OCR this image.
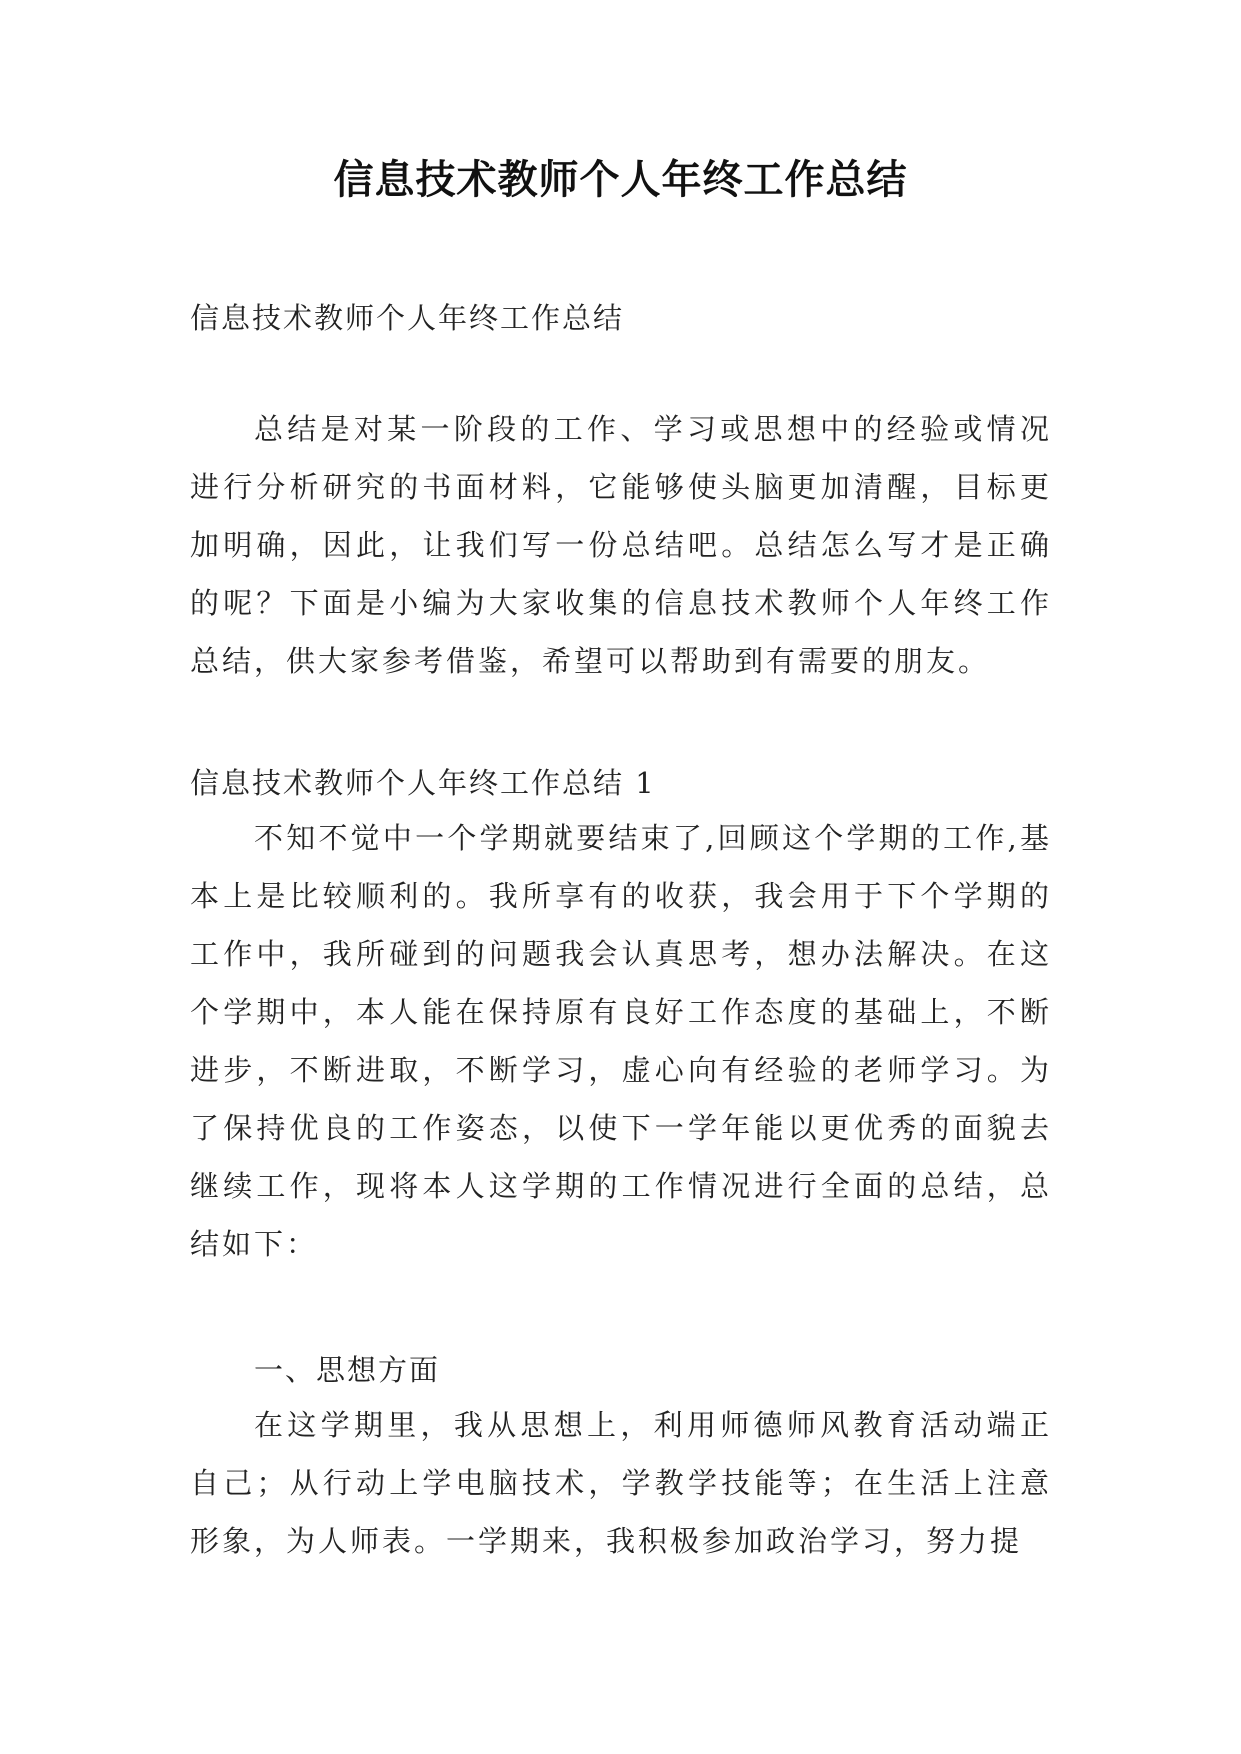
信息技术教师个人年终工作总结
信息技术教师个人年终工作总结

总结是对某一阶段的工作、学习或思想中的经验或情况进行分析研究的书面材料，它能够使头脑更加清醒，目标更加明确，因此，让我们写一份总结吧。总结怎么写才是正确的呢？下面是小编为大家收集的信息技术教师个人年终工作总结，供大家参考借鉴，希望可以帮助到有需要的朋友。

信息技术教师个人年终工作总结 1

不知不觉中一个学期就要结束了,回顾这个学期的工作,基本上是比较顺利的。我所享有的收获，我会用于下个学期的工作中，我所碰到的问题我会认真思考，想办法解决。在这个学期中，本人能在保持原有良好工作态度的基础上，不断进步，不断进取，不断学习，虚心向有经验的老师学习。为了保持优良的工作姿态，以使下一学年能以更优秀的面貌去继续工作，现将本人这学期的工作情况进行全面的总结，总结如下：

一、思想方面

在这学期里，我从思想上，利用师德师风教育活动端正自己；从行动上学电脑技术，学教学技能等；在生活上注意形象，为人师表。一学期来，我积极参加政治学习，努力提
